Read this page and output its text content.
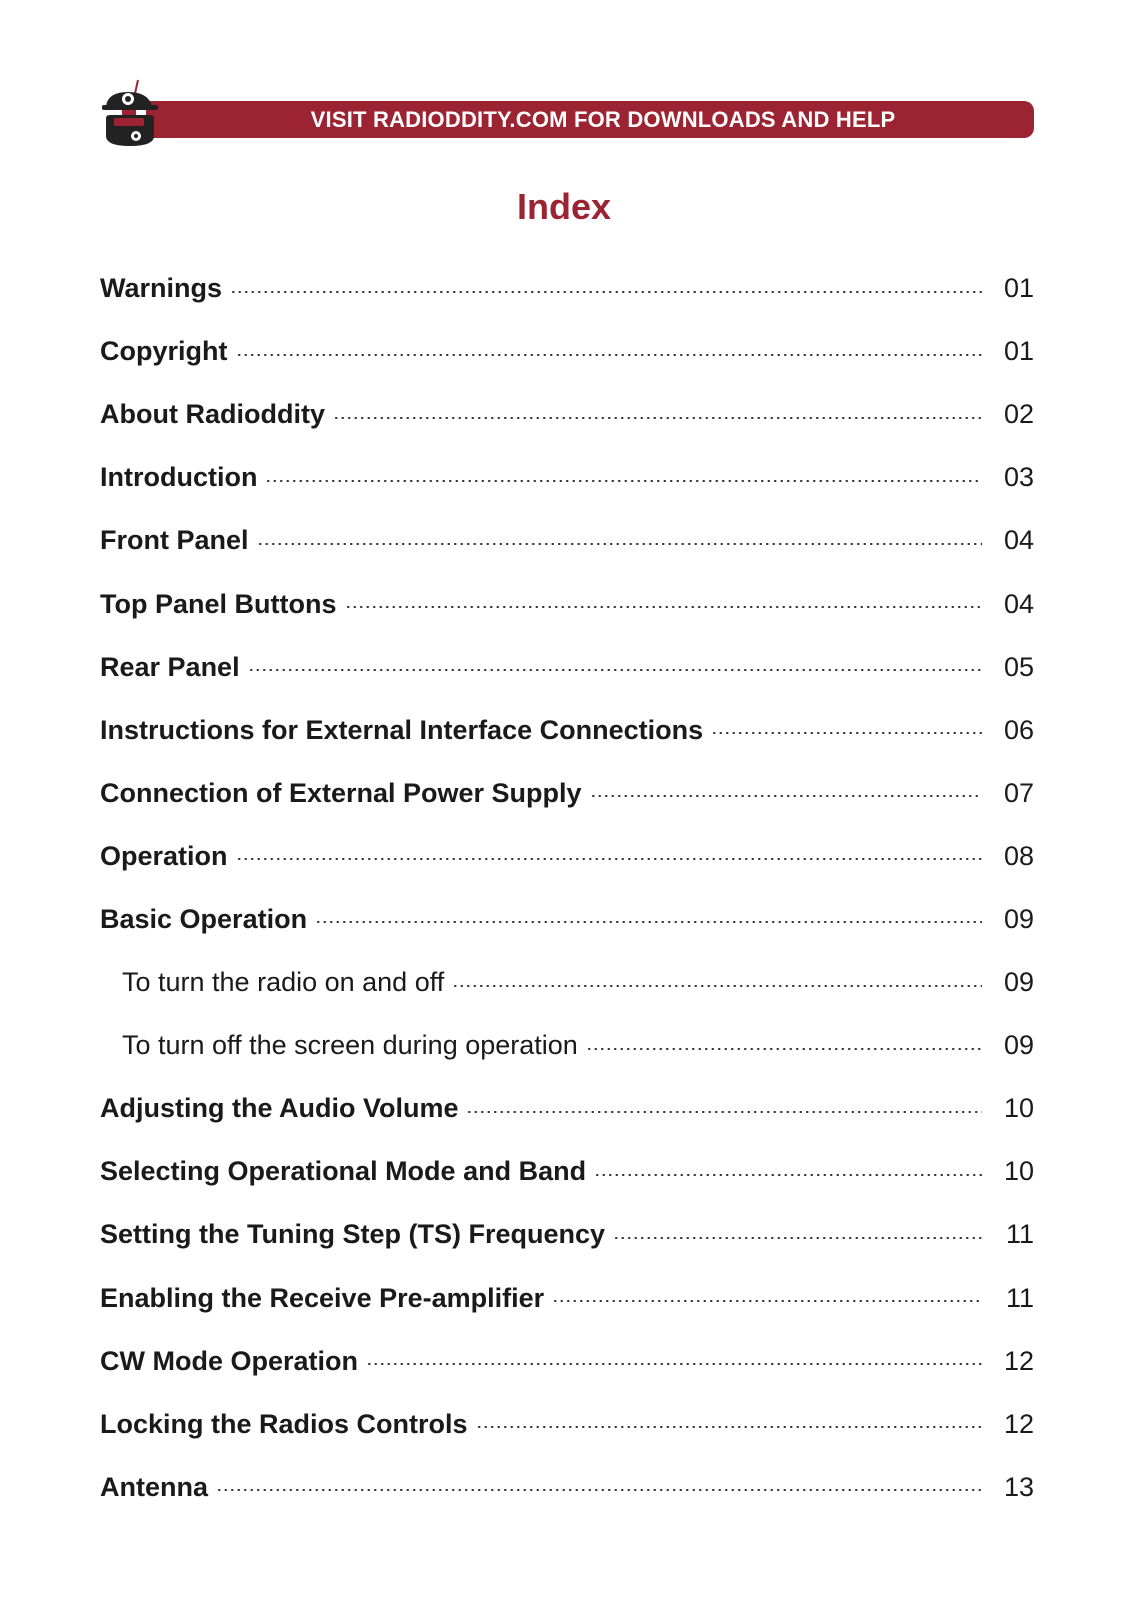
VISIT RADIODDITY.COM FOR DOWNLOADS AND HELP
Index
Warnings	01
Copyright	01
About Radioddity	02
Introduction	03
Front Panel	04
Top Panel Buttons	04
Rear Panel	05
Instructions for External Interface Connections	06
Connection of External Power Supply	07
Operation	08
Basic Operation	09
To turn the radio on and off	09
To turn off the screen during operation	09
Adjusting the Audio Volume	10
Selecting Operational Mode and Band	10
Setting the Tuning Step (TS) Frequency	11
Enabling the Receive Pre-amplifier	11
CW Mode Operation	12
Locking the Radios Controls	12
Antenna	13
